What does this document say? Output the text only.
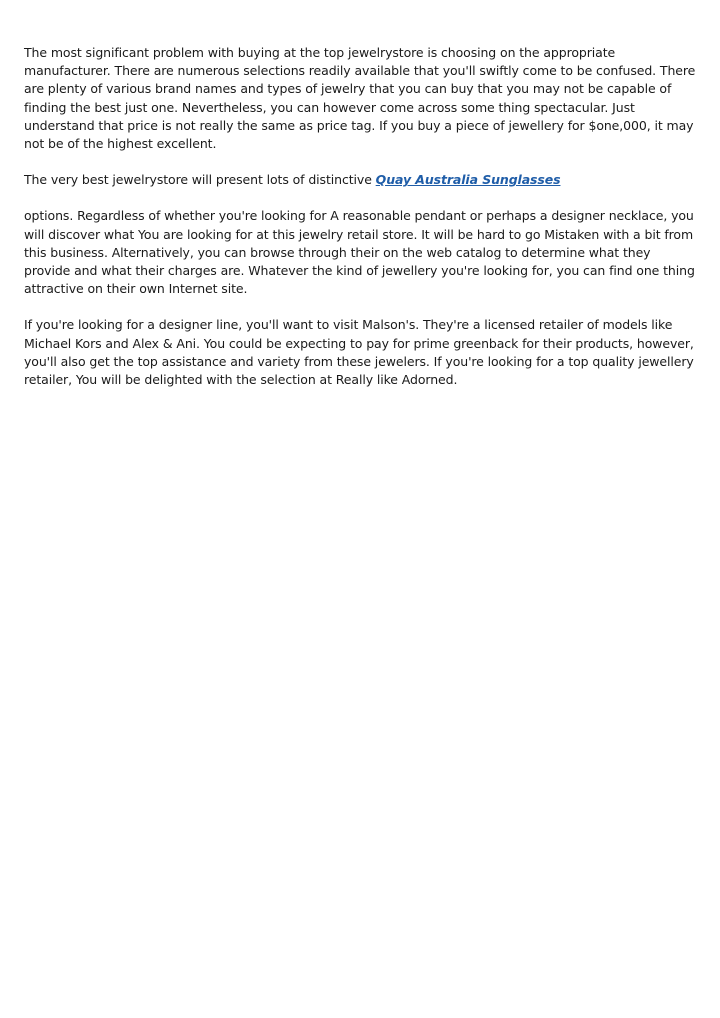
The most significant problem with buying at the top jewelrystore is choosing on the appropriate manufacturer. There are numerous selections readily available that you'll swiftly come to be confused. There are plenty of various brand names and types of jewelry that you can buy that you may not be capable of finding the best just one. Nevertheless, you can however come across some thing spectacular. Just understand that price is not really the same as price tag. If you buy a piece of jewellery for $one,000, it may not be of the highest excellent.

The very best jewelrystore will present lots of distinctive Quay Australia Sunglasses

options. Regardless of whether you're looking for A reasonable pendant or perhaps a designer necklace, you will discover what You are looking for at this jewelry retail store. It will be hard to go Mistaken with a bit from this business. Alternatively, you can browse through their on the web catalog to determine what they provide and what their charges are. Whatever the kind of jewellery you're looking for, you can find one thing attractive on their own Internet site.

If you're looking for a designer line, you'll want to visit Malson's. They're a licensed retailer of models like Michael Kors and Alex & Ani. You could be expecting to pay for prime greenback for their products, however, you'll also get the top assistance and variety from these jewelers. If you're looking for a top quality jewellery retailer, You will be delighted with the selection at Really like Adorned.
